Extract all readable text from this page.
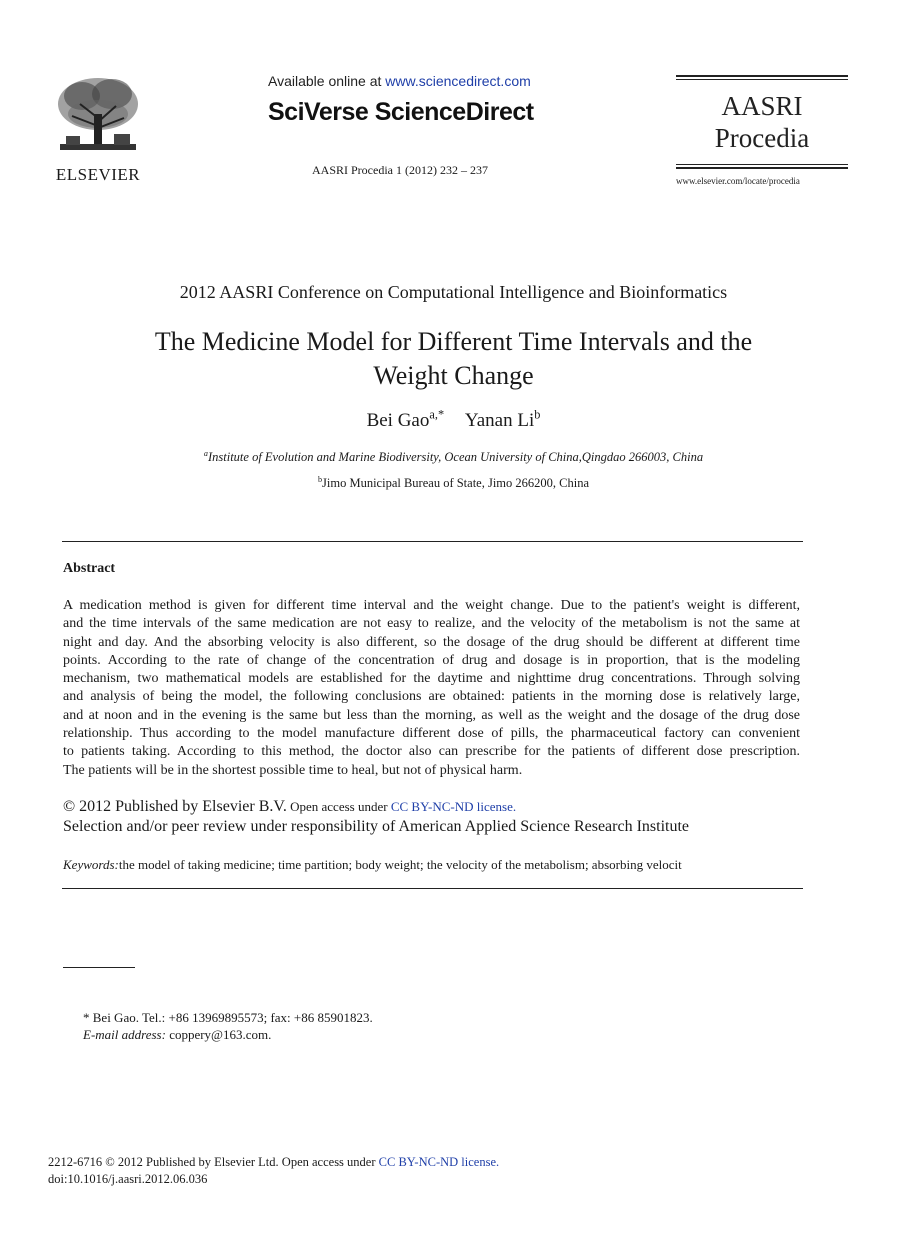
ELSEVIER
Available online at www.sciencedirect.com
SciVerse ScienceDirect
AASRI Procedia 1 (2012) 232 – 237
AASRI
Procedia
www.elsevier.com/locate/procedia
2012 AASRI Conference on Computational Intelligence and Bioinformatics
The Medicine Model for Different Time Intervals and the
Weight Change
Bei Gao$^{a,*}$ Yanan Li$^b$
$^a$Institute of Evolution and Marine Biodiversity, Ocean University of China,Qingdao 266003, China
$^b$Jimo Municipal Bureau of State, Jimo 266200, China
Abstract
A medication method is given for different time interval and the weight change. Due to the patient's weight is different,
and the time intervals of the same medication are not easy to realize, and the velocity of the metabolism is not the same at
night and day. And the absorbing velocity is also different, so the dosage of the drug should be different at different time
points. According to the rate of change of the concentration of drug and dosage is in proportion, that is the modeling
mechanism, two mathematical models are established for the daytime and nighttime drug concentrations. Through solving
and analysis of being the model, the following conclusions are obtained: patients in the morning dose is relatively large,
and at noon and in the evening is the same but less than the morning, as well as the weight and the dosage of the drug dose
relationship. Thus according to the model manufacture different dose of pills, the pharmaceutical factory can convenient
to patients taking. According to this method, the doctor also can prescribe for the patients of different dose prescription.
The patients will be in the shortest possible time to heal, but not of physical harm.
© 2012 Published by Elsevier B.V. Open access under CC BY-NC-ND license.
Selection and/or peer review under responsibility of American Applied Science Research Institute
Keywords:the model of taking medicine; time partition; body weight; the velocity of the metabolism; absorbing velocit
* Bei Gao. Tel.: +86 13969895573; fax: +86 85901823.
E-mail address: coppery@163.com.
2212-6716 © 2012 Published by Elsevier Ltd. Open access under CC BY-NC-ND license.
doi:10.1016/j.aasri.2012.06.036
